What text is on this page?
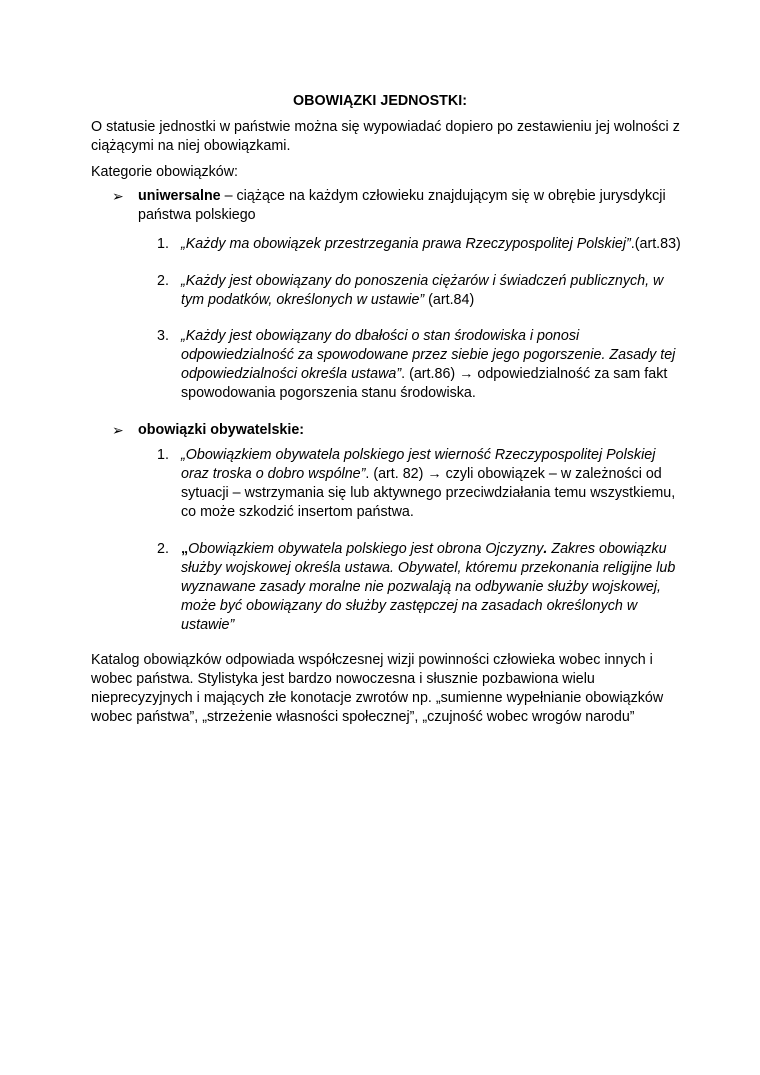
OBOWIĄZKI JEDNOSTKI:
O statusie jednostki w państwie można się wypowiadać dopiero po zestawieniu jej wolności z
ciążącymi na niej obowiązkami.
Kategorie obowiązków:
➢ uniwersalne – ciążące na każdym człowieku znajdującym się w obrębie jurysdykcji
państwa polskiego
1. „Każdy ma obowiązek przestrzegania prawa Rzeczypospolitej Polskiej”.(art.83)
2. „Każdy jest obowiązany do ponoszenia ciężarów i świadczeń publicznych, w
tym podatków, określonych w ustawie” (art.84)
3. „Każdy jest obowiązany do dbałości o stan środowiska i ponosi
odpowiedzialność za spowodowane przez siebie jego pogorszenie. Zasady tej
odpowiedzialności określa ustawa”. (art.86) → odpowiedzialność za sam fakt
spowodowania pogorszenia stanu środowiska.
➢ obowiązki obywatelskie:
1. „Obowiązkiem obywatela polskiego jest wierność Rzeczypospolitej Polskiej
oraz troska o dobro wspólne”. (art. 82) → czyli obowiązek – w zależności od
sytuacji – wstrzymania się lub aktywnego przeciwdziałania temu wszystkiemu,
co może szkodzić insertom państwa.
2. „Obowiązkiem obywatela polskiego jest obrona Ojczyzny. Zakres obowiązku
służby wojskowej określa ustawa. Obywatel, któremu przekonania religijne lub
wyznawane zasady moralne nie pozwalają na odbywanie służby wojskowej,
może być obowiązany do służby zastępczej na zasadach określonych w
ustawie”
Katalog obowiązków odpowiada współczesnej wizji powinności człowieka wobec innych i
wobec państwa. Stylistyka jest bardzo nowoczesna i słusznie pozbawiona wielu
nieprecyzyjnych i mających złe konotacje zwrotów np. „sumienne wypełnianie obowiązków
wobec państwa”, „strzeżenie własności społecznej”, „czujność wobec wrogów narodu”
